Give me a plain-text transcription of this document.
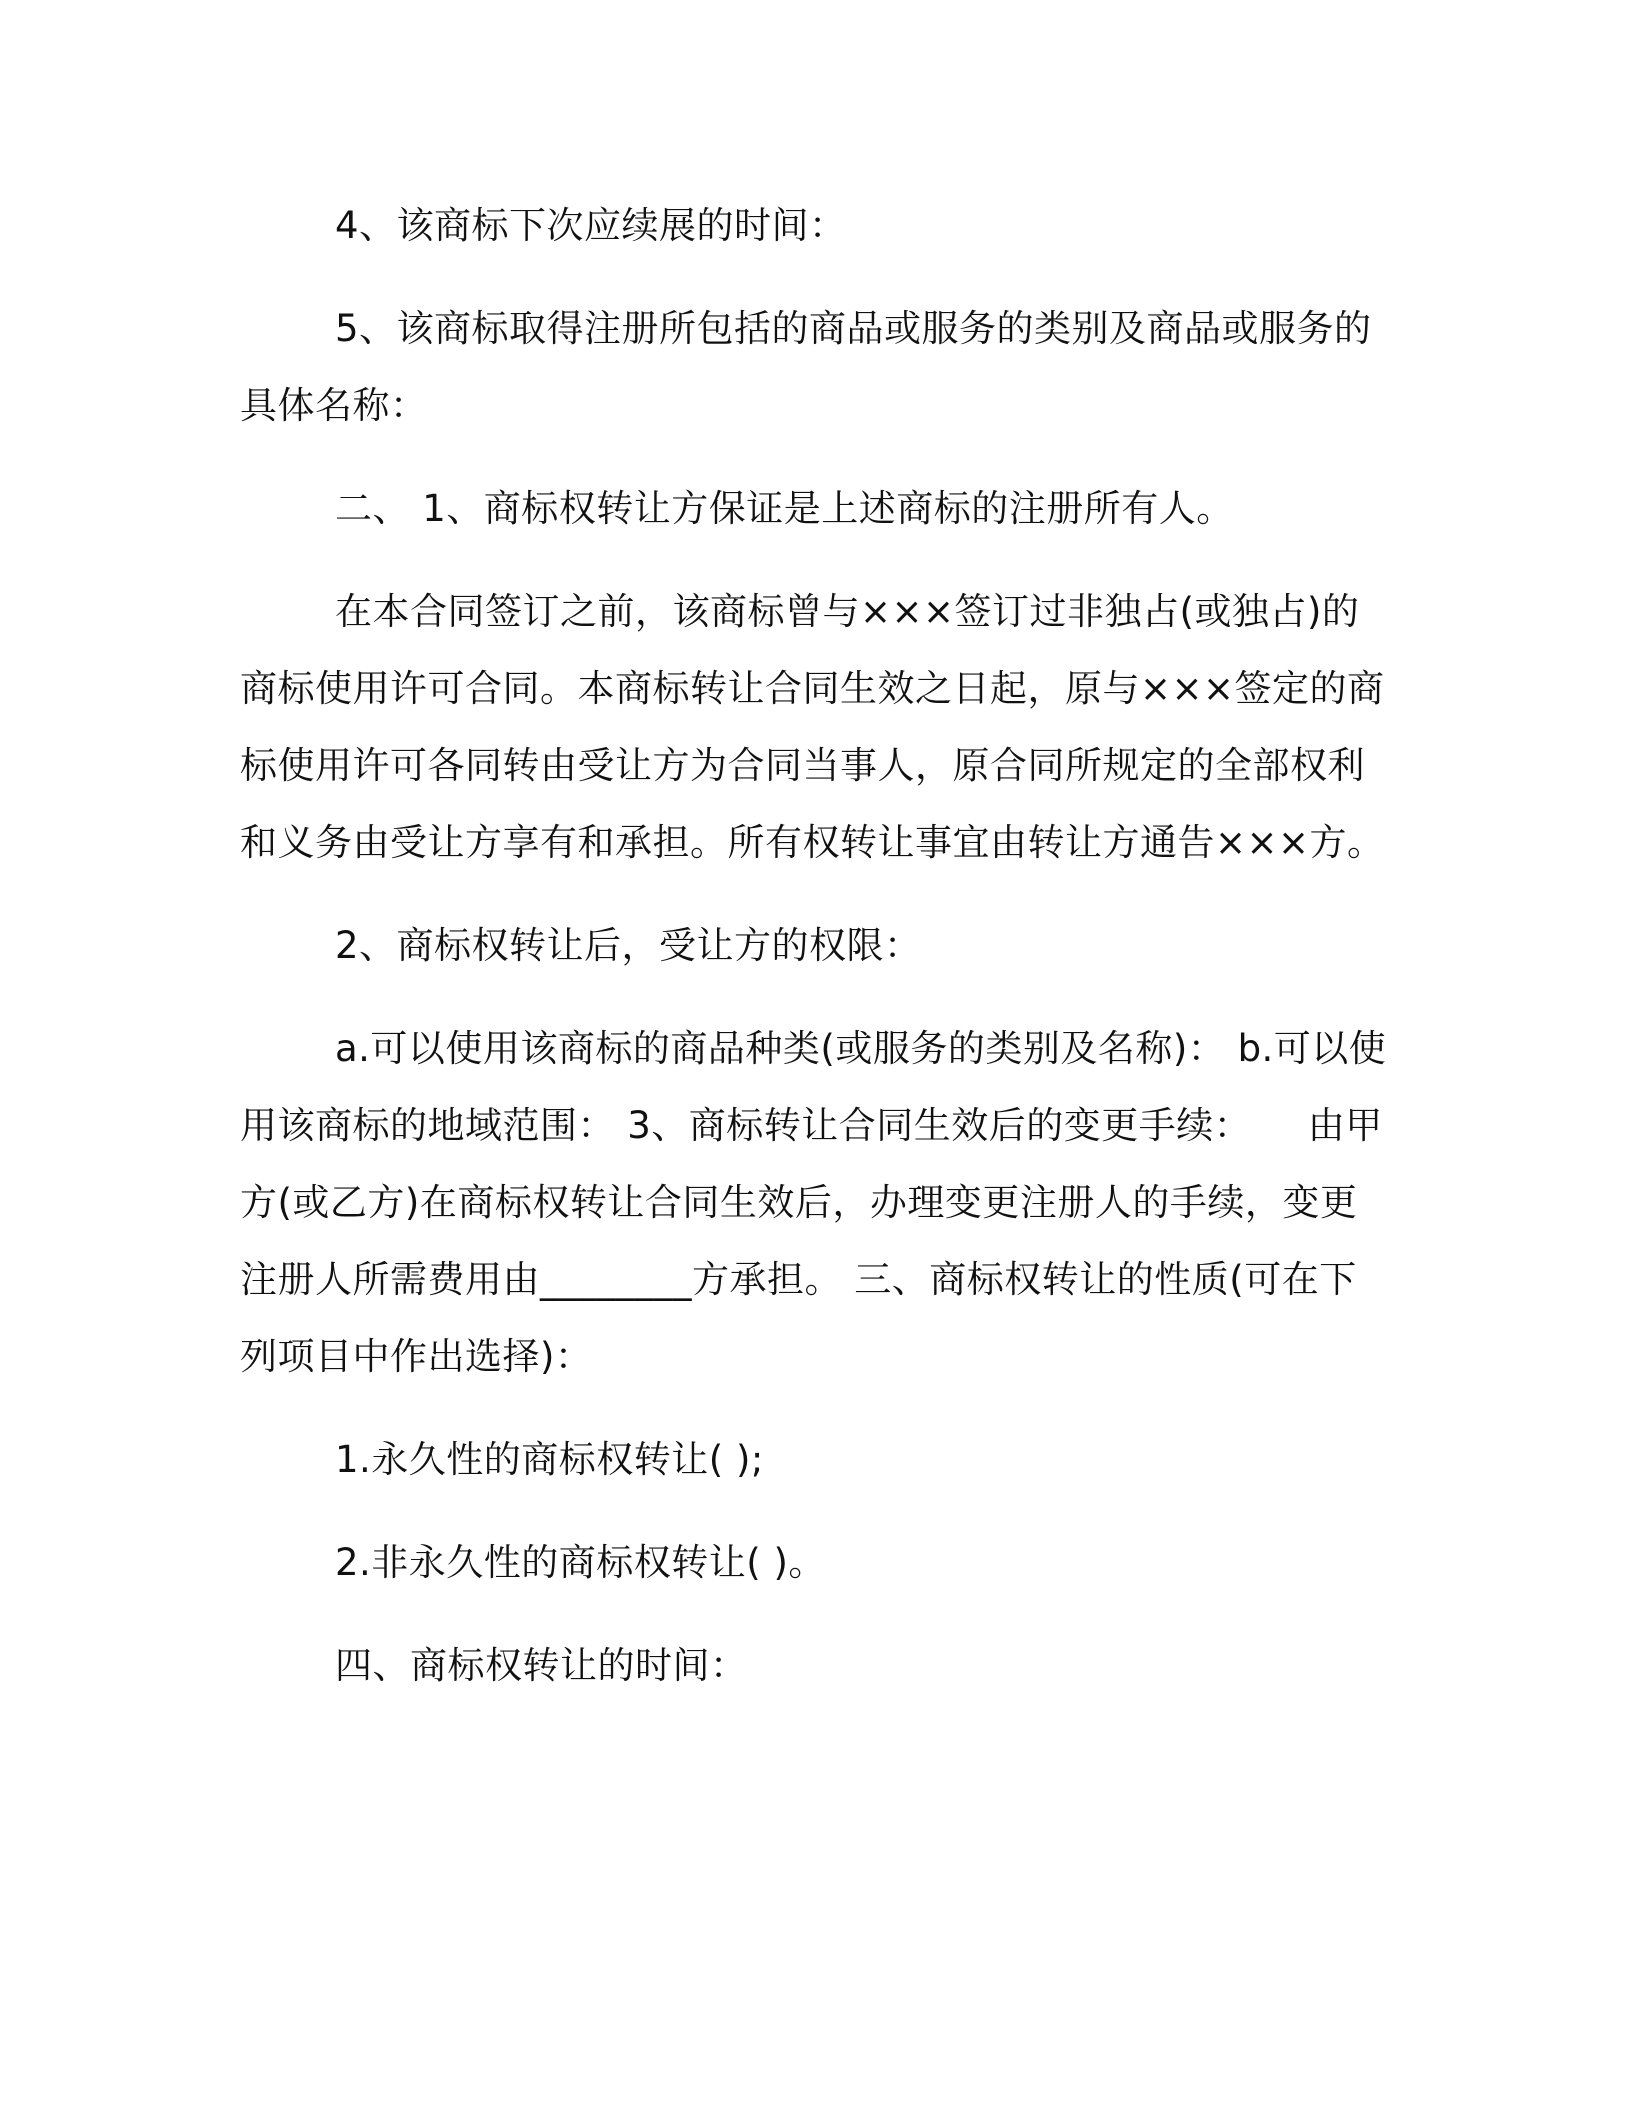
4、该商标下次应续展的时间：

5、该商标取得注册所包括的商品或服务的类别及商品或服务的具体名称：

二、 1、商标权转让方保证是上述商标的注册所有人。

在本合同签订之前，该商标曾与×××签订过非独占(或独占)的商标使用许可合同。本商标转让合同生效之日起，原与×××签定的商标使用许可各同转由受让方为合同当事人，原合同所规定的全部权利和义务由受让方享有和承担。所有权转让事宜由转让方通告×××方。

2、商标权转让后，受让方的权限：

a.可以使用该商标的商品种类(或服务的类别及名称)： b.可以使用该商标的地域范围： 3、商标转让合同生效后的变更手续：　　由甲方(或乙方)在商标权转让合同生效后，办理变更注册人的手续，变更注册人所需费用由________方承担。 三、商标权转让的性质(可在下列项目中作出选择)：

1.永久性的商标权转让( );

2.非永久性的商标权转让( )。

四、商标权转让的时间：
